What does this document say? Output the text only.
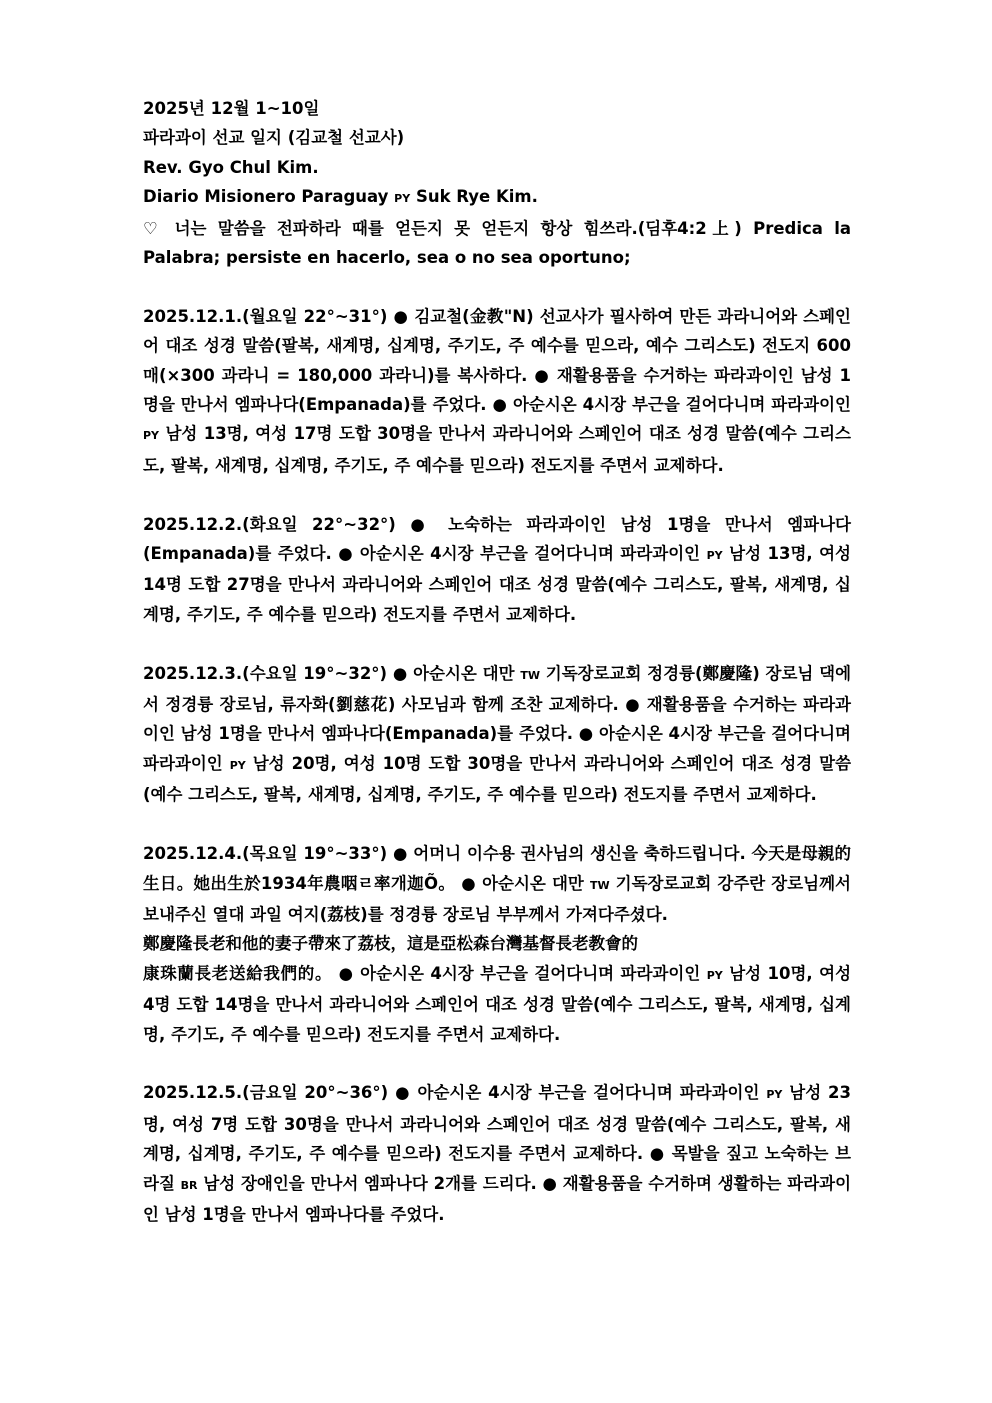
2025년 12월 1~10일
파라과이 선교 일지 (김교철 선교사)
Rev. Gyo Chul Kim.
Diario Misionero Paraguay PY Suk Rye Kim.

♡ 너는 말씀을 전파하라 때를 얻든지 못 얻든지 항상 힘쓰라.(딤후4:2上) Predica la Palabra; persiste en hacerlo, sea o no sea oportuno;

2025.12.1.(월요일 22°~31°) ● 김교철(金教"N) 선교사가 필사하여 만든 과라니어와 스페인어 대조 성경 말씀(팔복, 새계명, 십계명, 주기도, 주 예수를 믿으라, 예수 그리스도) 전도지 600매(×300 과라니 = 180,000 과라니)를 복사하다. ● 재활용품을 수거하는 파라과이인 남성 1명을 만나서 엠파나다(Empanada)를 주었다. ● 아순시온 4시장 부근을 걸어다니며 파라과이인 PY 남성 13명, 여성 17명 도합 30명을 만나서 과라니어와 스페인어 대조 성경 말씀(예수 그리스도, 팔복, 새계명, 십계명, 주기도, 주 예수를 믿으라) 전도지를 주면서 교제하다.

2025.12.2.(화요일 22°~32°) ● 노숙하는 파라과이인 남성 1명을 만나서 엠파나다(Empanada)를 주었다. ● 아순시온 4시장 부근을 걸어다니며 파라과이인 PY 남성 13명, 여성 14명 도합 27명을 만나서 과라니어와 스페인어 대조 성경 말씀(예수 그리스도, 팔복, 새계명, 십계명, 주기도, 주 예수를 믿으라) 전도지를 주면서 교제하다.

2025.12.3.(수요일 19°~32°) ● 아순시온 대만 TW 기독장로교회 정경륭(鄭慶隆) 장로님 댁에서 정경륭 장로님, 류자화(劉慈花) 사모님과 함께 조찬 교제하다. ● 재활용품을 수거하는 파라과이인 남성 1명을 만나서 엠파나다(Empanada)를 주었다. ● 아순시온 4시장 부근을 걸어다니며 파라과이인 PY 남성 20명, 여성 10명 도합 30명을 만나서 과라니어와 스페인어 대조 성경 말씀(예수 그리스도, 팔복, 새계명, 십계명, 주기도, 주 예수를 믿으라) 전도지를 주면서 교제하다.

2025.12.4.(목요일 19°~33°) ● 어머니 이수용 권사님의 생신을 축하드립니다. 今天是母親的生日。她出生於1934年農咽ㄹ率개迦Õ。 ● 아순시온 대만 TW 기독장로교회 강주란 장로님께서 보내주신 열대 과일 여지(荔枝)를 정경륭 장로님 부부께서 가져다주셨다.

鄭慶隆長老和他的妻子帶來了荔枝，這是亞松森台灣基督長老教會的

康珠蘭長老送給我們的。 ● 아순시온 4시장 부근을 걸어다니며 파라과이인 PY 남성 10명, 여성 4명 도합 14명을 만나서 과라니어와 스페인어 대조 성경 말씀(예수 그리스도, 팔복, 새계명, 십계명, 주기도, 주 예수를 믿으라) 전도지를 주면서 교제하다.

2025.12.5.(금요일 20°~36°) ● 아순시온 4시장 부근을 걸어다니며 파라과이인 PY 남성 23명, 여성 7명 도합 30명을 만나서 과라니어와 스페인어 대조 성경 말씀(예수 그리스도, 팔복, 새계명, 십계명, 주기도, 주 예수를 믿으라) 전도지를 주면서 교제하다. ● 목발을 짚고 노숙하는 브라질 BR 남성 장애인을 만나서 엠파나다 2개를 드리다. ● 재활용품을 수거하며 생활하는 파라과이인 남성 1명을 만나서 엠파나다를 주었다.
